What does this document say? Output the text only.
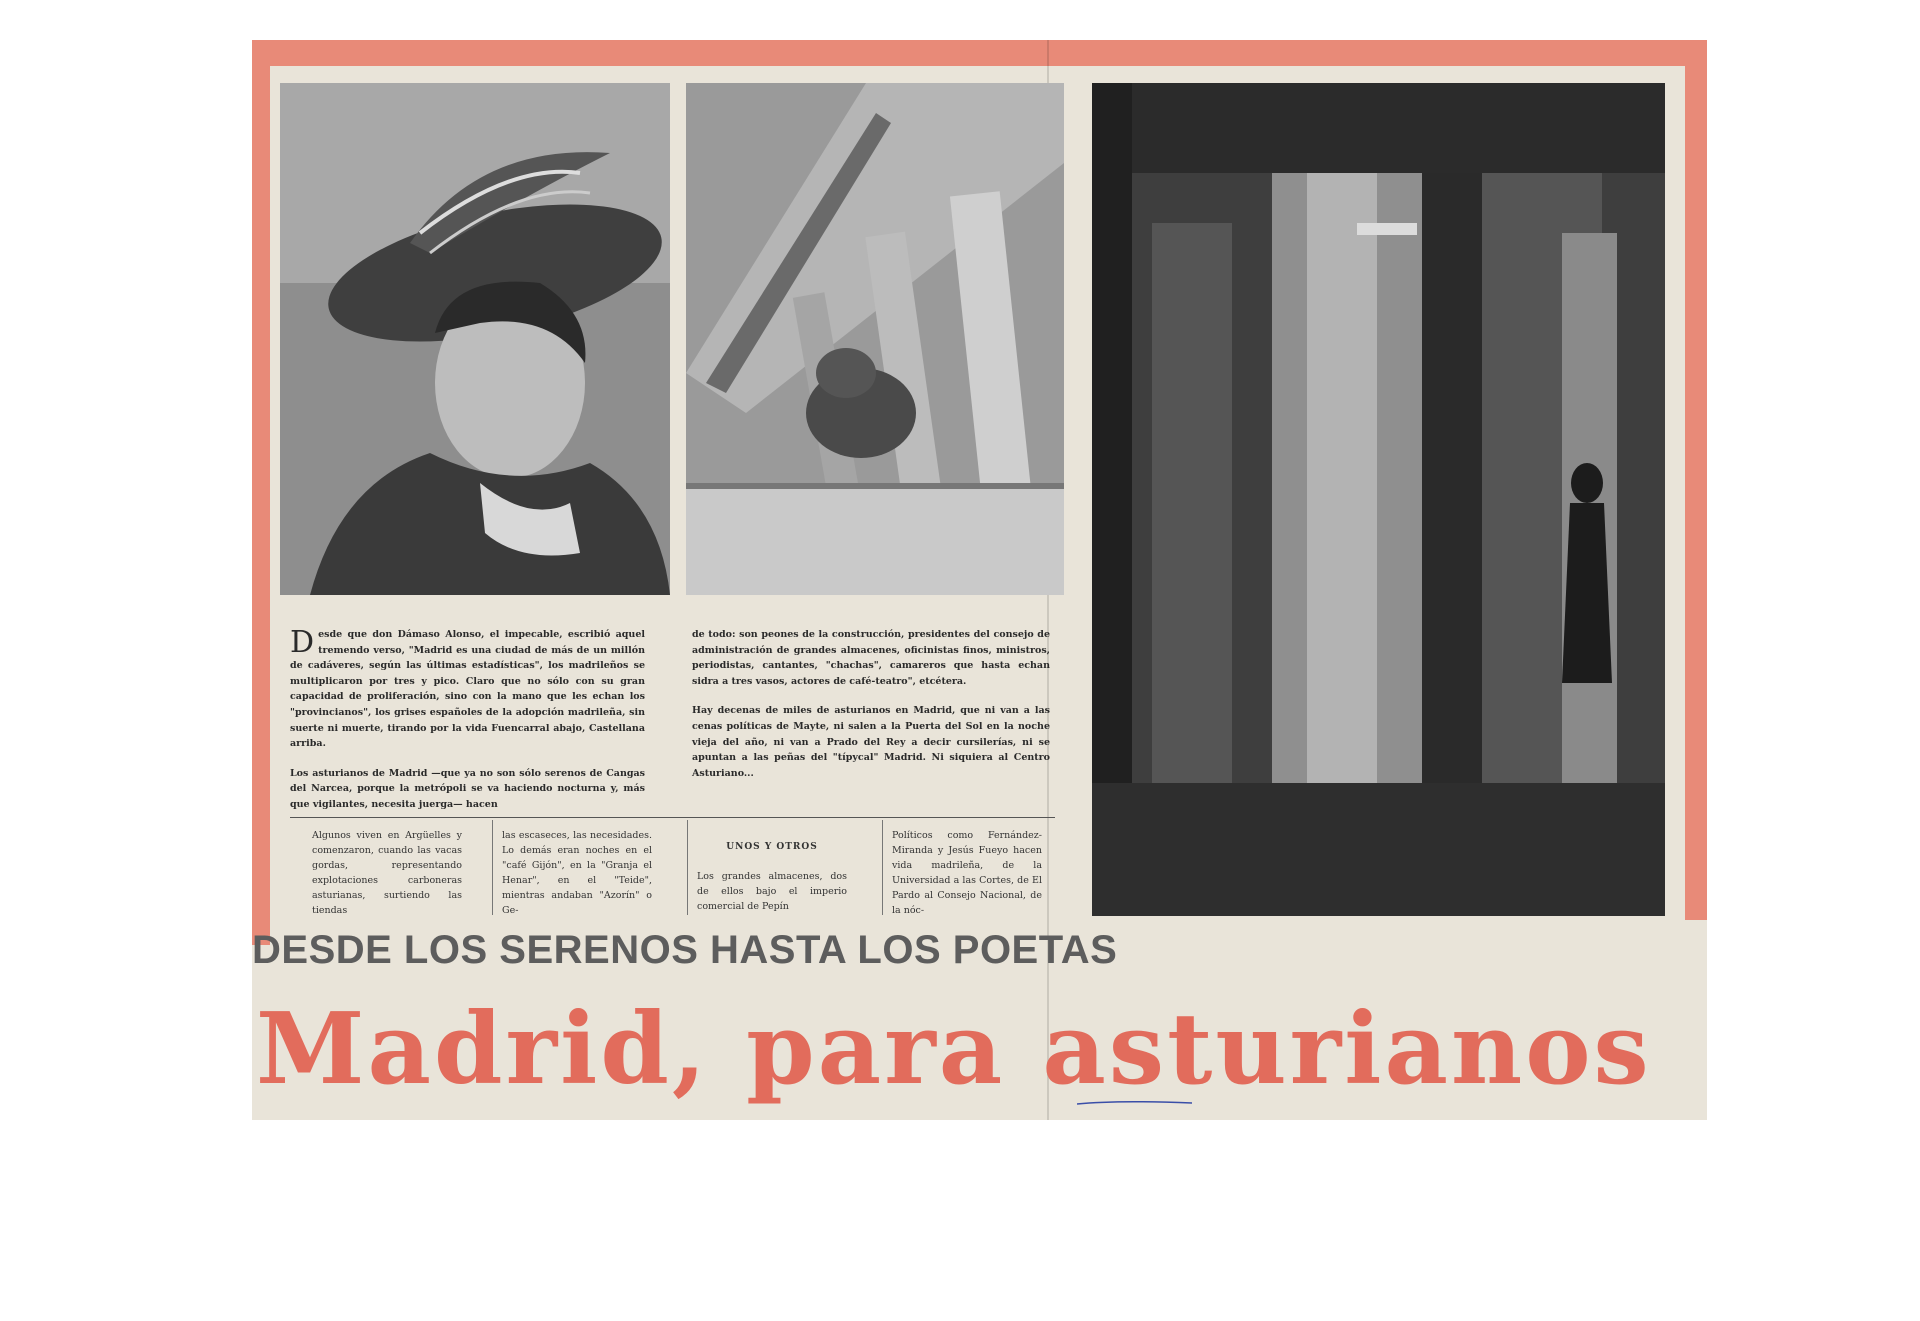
Desde que don Dámaso Alonso, el impecable, escribió aquel tremendo verso, "Madrid es una ciudad de más de un millón de cadáveres, según las últimas estadísticas", los madrileños se multiplicaron por tres y pico. Claro que no sólo con su gran capacidad de proliferación, sino con la mano que les echan los "provincianos", los grises españoles de la adopción madrileña, sin suerte ni muerte, tirando por la vida Fuencarral abajo, Castellana arriba.

Los asturianos de Madrid —que ya no son sólo serenos de Cangas del Narcea, porque la metrópoli se va haciendo nocturna y, más que vigilantes, necesita juerga— hacen

de todo: son peones de la construcción, presidentes del consejo de administración de grandes almacenes, oficinistas finos, ministros, periodistas, cantantes, "chachas", camareros que hasta echan sidra a tres vasos, actores de café-teatro", etcétera.

Hay decenas de miles de asturianos en Madrid, que ni van a las cenas políticas de Mayte, ni salen a la Puerta del Sol en la noche vieja del año, ni van a Prado del Rey a decir cursilerías, ni se apuntan a las peñas del "típycal" Madrid. Ni siquiera al Centro Asturiano...

Algunos viven en Argüelles y comenzaron, cuando las vacas gordas, representando explotaciones carboneras asturianas, surtiendo las tiendas

las escaseces, las necesidades. Lo demás eran noches en el "café Gijón", en la "Granja el Henar", en el "Teide", mientras andaban "Azorín" o Ge-

UNOS Y OTROS
Los grandes almacenes, dos de ellos bajo el imperio comercial de Pepín

Políticos como Fernández-Miranda y Jesús Fueyo hacen vida madrileña, de la Universidad a las Cortes, de El Pardo al Consejo Nacional, de la nóc-

DESDE LOS SERENOS HASTA LOS POETAS
Madrid, para asturianos
